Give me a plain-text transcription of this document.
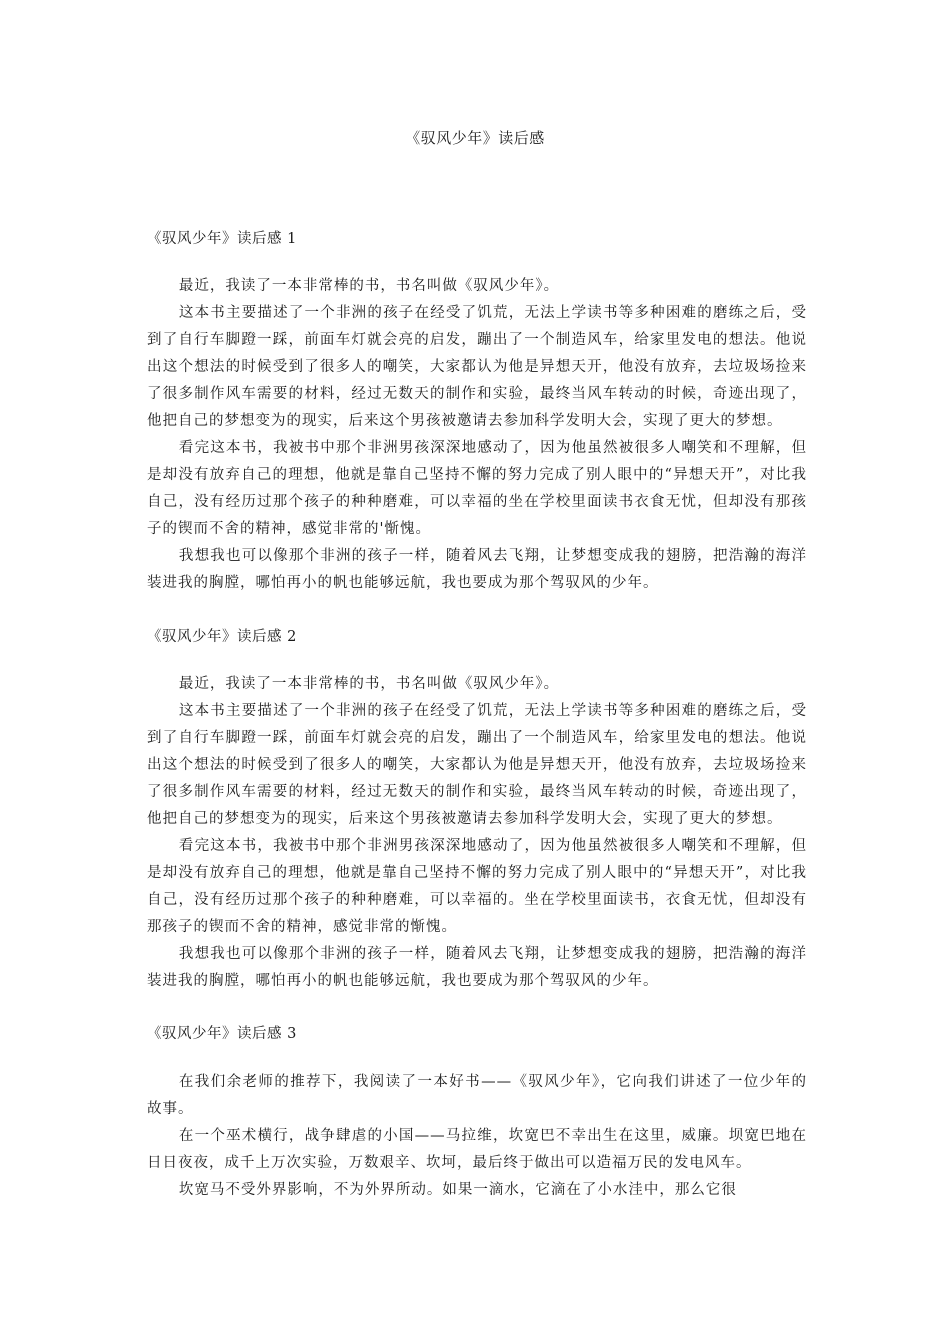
《驭风少年》读后感
《驭风少年》读后感 1

最近，我读了一本非常棒的书，书名叫做《驭风少年》。

这本书主要描述了一个非洲的孩子在经受了饥荒，无法上学读书等多种困难的磨练之后，受到了自行车脚蹬一踩，前面车灯就会亮的启发，蹦出了一个制造风车，给家里发电的想法。他说出这个想法的时候受到了很多人的嘲笑，大家都认为他是异想天开，他没有放弃，去垃圾场捡来了很多制作风车需要的材料，经过无数天的制作和实验，最终当风车转动的时候，奇迹出现了，他把自己的梦想变为的现实，后来这个男孩被邀请去参加科学发明大会，实现了更大的梦想。

看完这本书，我被书中那个非洲男孩深深地感动了，因为他虽然被很多人嘲笑和不理解，但是却没有放弃自己的理想，他就是靠自己坚持不懈的努力完成了别人眼中的“异想天开”，对比我自己，没有经历过那个孩子的种种磨难，可以幸福的坐在学校里面读书衣食无忧，但却没有那孩子的锲而不舍的精神，感觉非常的'惭愧。

我想我也可以像那个非洲的孩子一样，随着风去飞翔，让梦想变成我的翅膀，把浩瀚的海洋装进我的胸膛，哪怕再小的帆也能够远航，我也要成为那个驾驭风的少年。

《驭风少年》读后感 2

最近，我读了一本非常棒的书，书名叫做《驭风少年》。

这本书主要描述了一个非洲的孩子在经受了饥荒，无法上学读书等多种困难的磨练之后，受到了自行车脚蹬一踩，前面车灯就会亮的启发，蹦出了一个制造风车，给家里发电的想法。他说出这个想法的时候受到了很多人的嘲笑，大家都认为他是异想天开，他没有放弃，去垃圾场捡来了很多制作风车需要的材料，经过无数天的制作和实验，最终当风车转动的时候，奇迹出现了，他把自己的梦想变为的现实，后来这个男孩被邀请去参加科学发明大会，实现了更大的梦想。

看完这本书，我被书中那个非洲男孩深深地感动了，因为他虽然被很多人嘲笑和不理解，但是却没有放弃自己的理想，他就是靠自己坚持不懈的努力完成了别人眼中的“异想天开”，对比我自己，没有经历过那个孩子的种种磨难，可以幸福的。坐在学校里面读书，衣食无忧，但却没有那孩子的锲而不舍的精神，感觉非常的惭愧。

我想我也可以像那个非洲的孩子一样，随着风去飞翔，让梦想变成我的翅膀，把浩瀚的海洋装进我的胸膛，哪怕再小的帆也能够远航，我也要成为那个驾驭风的少年。

《驭风少年》读后感 3

在我们余老师的推荐下，我阅读了一本好书——《驭风少年》，它向我们讲述了一位少年的故事。

在一个巫术横行，战争肆虐的小国——马拉维，坎宽巴不幸出生在这里，威廉。坝宽巴地在日日夜夜，成千上万次实验，万数艰辛、坎坷，最后终于做出可以造福万民的发电风车。

坎宽马不受外界影响，不为外界所动。如果一滴水，它滴在了小水洼中，那么它很
